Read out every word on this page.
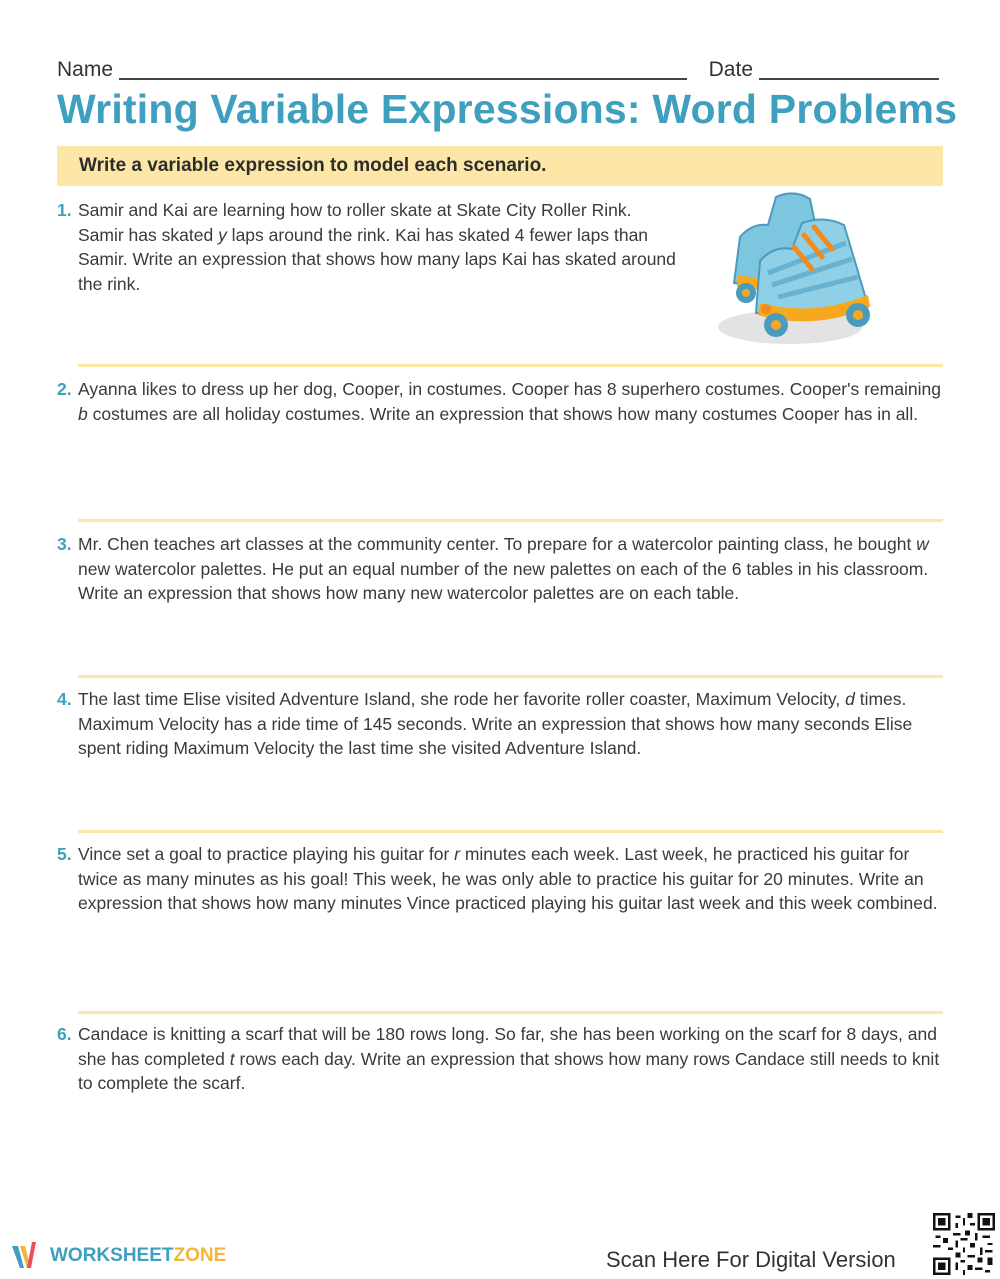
Name	Date
Writing Variable Expressions: Word Problems
Write a variable expression to model each scenario.
1. Samir and Kai are learning how to roller skate at Skate City Roller Rink. Samir has skated y laps around the rink. Kai has skated 4 fewer laps than Samir. Write an expression that shows how many laps Kai has skated around the rink.
2. Ayanna likes to dress up her dog, Cooper, in costumes. Cooper has 8 superhero costumes. Cooper's remaining b costumes are all holiday costumes. Write an expression that shows how many costumes Cooper has in all.
3. Mr. Chen teaches art classes at the community center. To prepare for a watercolor painting class, he bought w new watercolor palettes. He put an equal number of the new palettes on each of the 6 tables in his classroom. Write an expression that shows how many new watercolor palettes are on each table.
4. The last time Elise visited Adventure Island, she rode her favorite roller coaster, Maximum Velocity, d times. Maximum Velocity has a ride time of 145 seconds. Write an expression that shows how many seconds Elise spent riding Maximum Velocity the last time she visited Adventure Island.
5. Vince set a goal to practice playing his guitar for r minutes each week. Last week, he practiced his guitar for twice as many minutes as his goal! This week, he was only able to practice his guitar for 20 minutes. Write an expression that shows how many minutes Vince practiced playing his guitar last week and this week combined.
6. Candace is knitting a scarf that will be 180 rows long. So far, she has been working on the scarf for 8 days, and she has completed t rows each day. Write an expression that shows how many rows Candace still needs to knit to complete the scarf.
WORKSHEET ZONE	Scan Here For Digital Version
